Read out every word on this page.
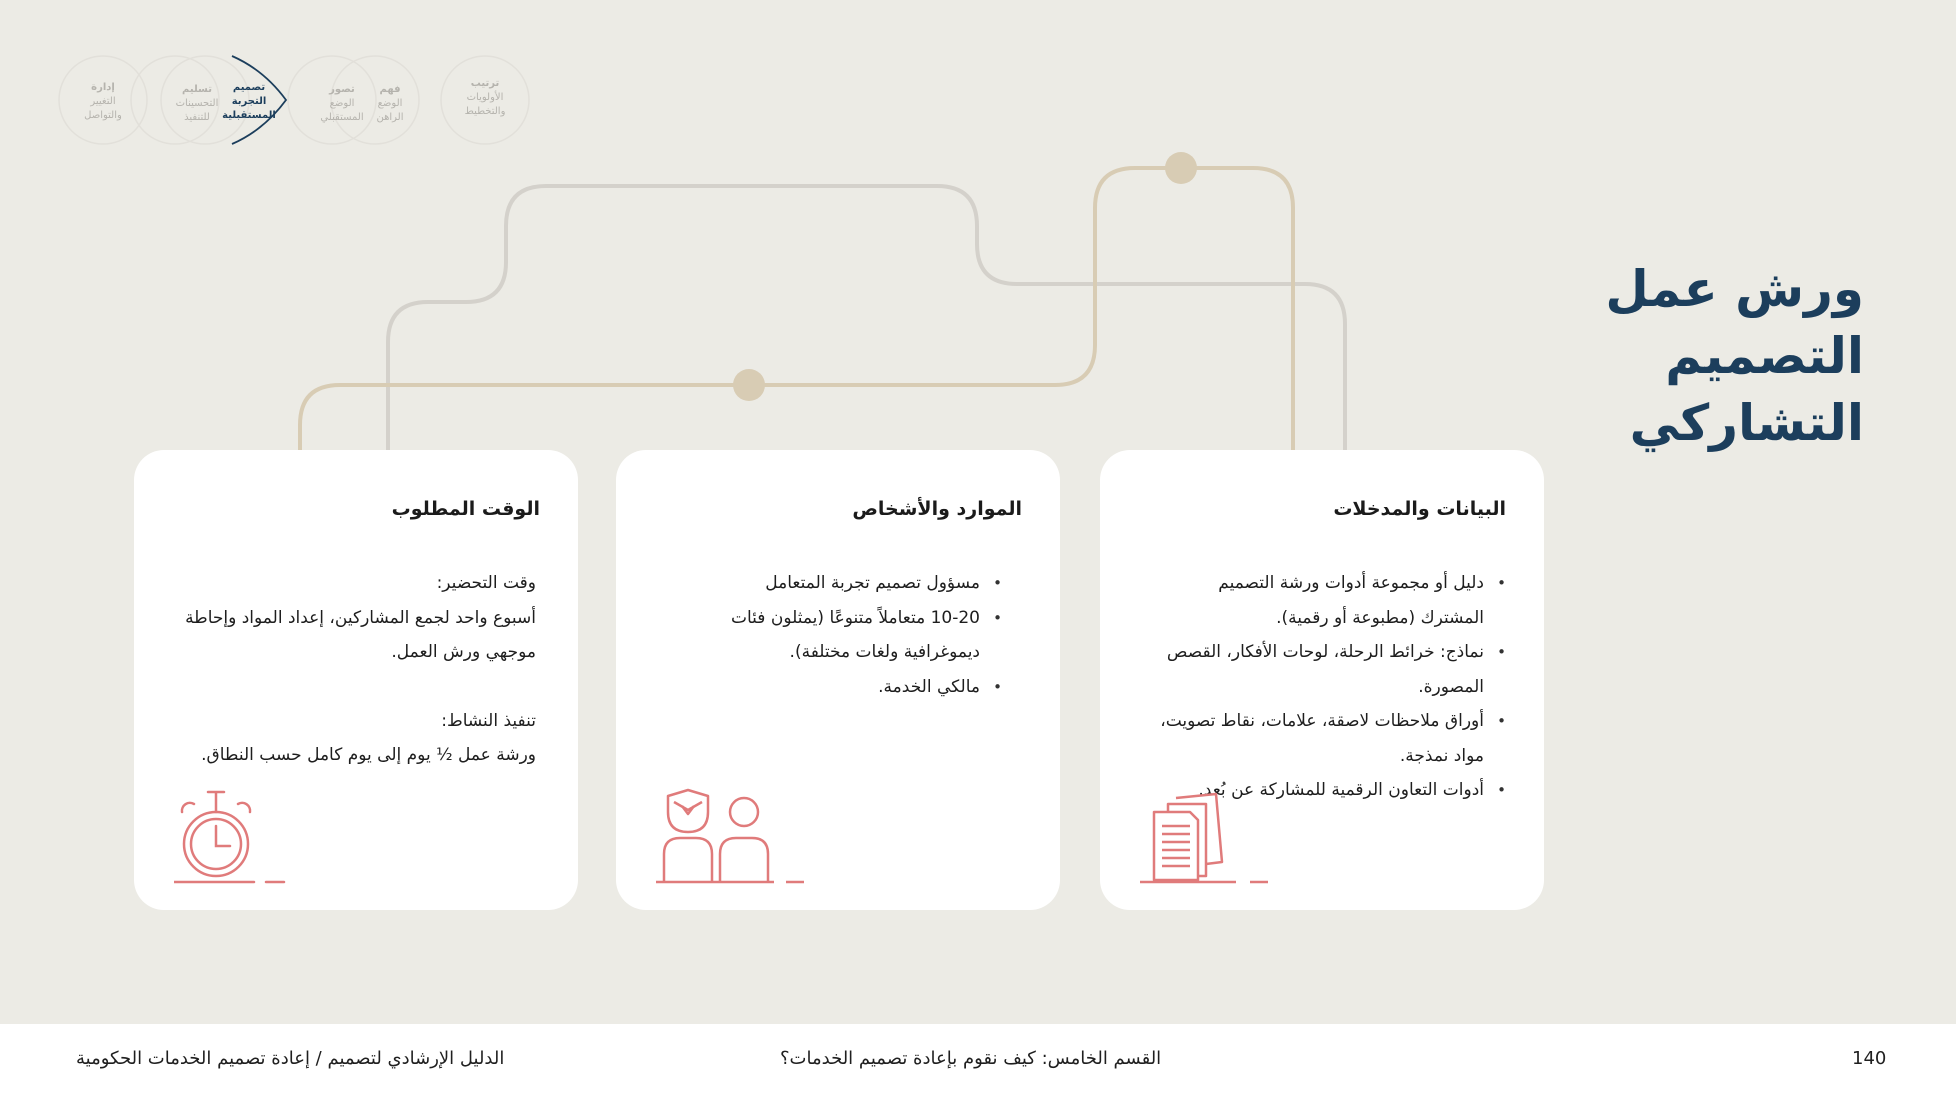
ترتيب
الأولويات
والتخطيط
فهم
الوضع
الراهن
تصور
الوضع
المستقبلي
تصميم
التجربة
المستقبلية
تسليم
التحسينات
للتنفيذ
إدارة
التغيير
والتواصل
ورش عمل
التصميم
التشاركي
البيانات والمدخلات
• دليل أو مجموعة أدوات ورشة التصميم المشترك (مطبوعة أو رقمية).
• نماذج: خرائط الرحلة، لوحات الأفكار، القصص المصورة.
• أوراق ملاحظات لاصقة، علامات، نقاط تصويت، مواد نمذجة.
• أدوات التعاون الرقمية للمشاركة عن بُعد.
الموارد والأشخاص
• مسؤول تصميم تجربة المتعامل
• 10-20 متعاملاً متنوعًا (يمثلون فئات ديموغرافية ولغات مختلفة).
• مالكي الخدمة.
الوقت المطلوب

وقت التحضير:

أسبوع واحد لجمع المشاركين، إعداد المواد وإحاطة موجهي ورش العمل.

تنفيذ النشاط:

ورشة عمل ½ يوم إلى يوم كامل حسب النطاق.

140
القسم الخامس: كيف نقوم بإعادة تصميم الخدمات؟
الدليل الإرشادي لتصميم / إعادة تصميم الخدمات الحكومية
